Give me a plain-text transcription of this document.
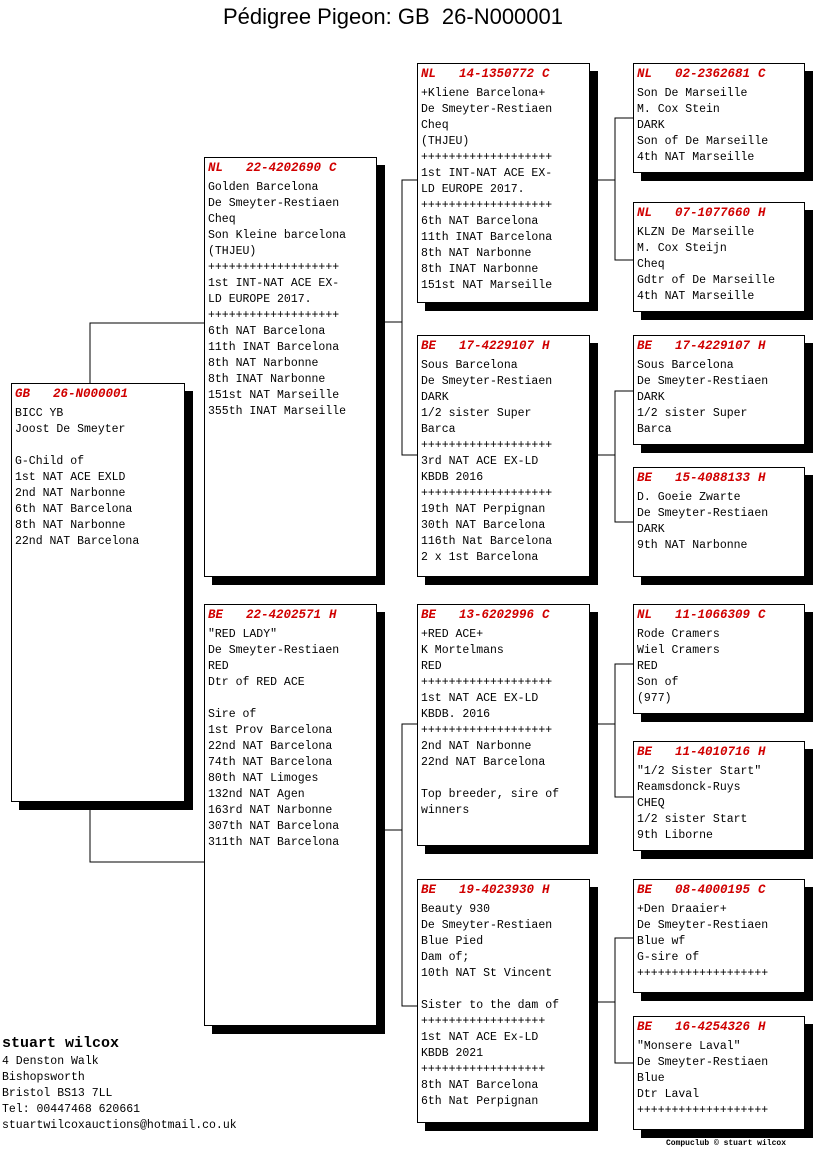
Pédigree Pigeon: GB  26-N000001
GB	26-N000001
BICC YB
Joost De Smeyter
G-Child of
1st NAT ACE EXLD
2nd NAT Narbonne
6th NAT Barcelona
8th NAT Narbonne
22nd NAT Barcelona
NL	22-4202690 C
Golden Barcelona
De Smeyter-Restiaen
Cheq
Son Kleine barcelona
(THJEU)
+++++++++++++++++++
1st INT-NAT ACE EX-
LD EUROPE 2017.
+++++++++++++++++++
6th NAT Barcelona
11th INAT Barcelona
8th NAT Narbonne
8th INAT Narbonne
151st NAT Marseille
355th INAT Marseille
BE	22-4202571 H
"RED LADY"
De Smeyter-Restiaen
RED
Dtr of RED ACE
Sire of
1st Prov Barcelona
22nd NAT Barcelona
74th NAT Barcelona
80th NAT Limoges
132nd NAT Agen
163rd NAT Narbonne
307th NAT Barcelona
311th NAT Barcelona
NL	14-1350772 C
+Kliene Barcelona+
De Smeyter-Restiaen
Cheq
(THJEU)
+++++++++++++++++++
1st INT-NAT ACE EX-
LD EUROPE 2017.
+++++++++++++++++++
6th NAT Barcelona
11th INAT Barcelona
8th NAT Narbonne
8th INAT Narbonne
151st NAT Marseille
BE	17-4229107 H
Sous Barcelona
De Smeyter-Restiaen
DARK
1/2 sister Super
Barca
+++++++++++++++++++
3rd NAT ACE EX-LD
KBDB 2016
+++++++++++++++++++
19th NAT Perpignan
30th NAT Barcelona
116th Nat Barcelona
2 x 1st Barcelona
BE	13-6202996 C
+RED ACE+
K Mortelmans
RED
+++++++++++++++++++
1st NAT ACE EX-LD
KBDB. 2016
+++++++++++++++++++
2nd NAT Narbonne
22nd NAT Barcelona
Top breeder, sire of
winners
BE	19-4023930 H
Beauty 930
De Smeyter-Restiaen
Blue Pied
Dam of;
10th NAT St Vincent
Sister to the dam of
++++++++++++++++++
1st NAT ACE Ex-LD
KBDB 2021
++++++++++++++++++
8th NAT Barcelona
6th Nat Perpignan
NL	02-2362681 C
Son De Marseille
M. Cox Stein
DARK
Son of De Marseille
4th NAT Marseille
NL	07-1077660 H
KLZN De Marseille
M. Cox Steijn
Cheq
Gdtr of De Marseille
4th NAT Marseille
BE	17-4229107 H
Sous Barcelona
De Smeyter-Restiaen
DARK
1/2 sister Super
Barca
BE	15-4088133 H
D. Goeie Zwarte
De Smeyter-Restiaen
DARK
9th NAT Narbonne
NL	11-1066309 C
Rode Cramers
Wiel Cramers
RED
Son of
(977)
BE	11-4010716 H
"1/2 Sister Start"
Reamsdonck-Ruys
CHEQ
1/2 sister Start
9th Liborne
BE	08-4000195 C
+Den Draaier+
De Smeyter-Restiaen
Blue wf
G-sire of
+++++++++++++++++++
BE	16-4254326 H
"Monsere Laval"
De Smeyter-Restiaen
Blue
Dtr Laval
+++++++++++++++++++
stuart wilcox
4 Denston Walk
Bishopsworth
Bristol BS13 7LL
Tel: 00447468 620661
stuartwilcoxauctions@hotmail.co.uk
Compuclub © stuart wilcox
